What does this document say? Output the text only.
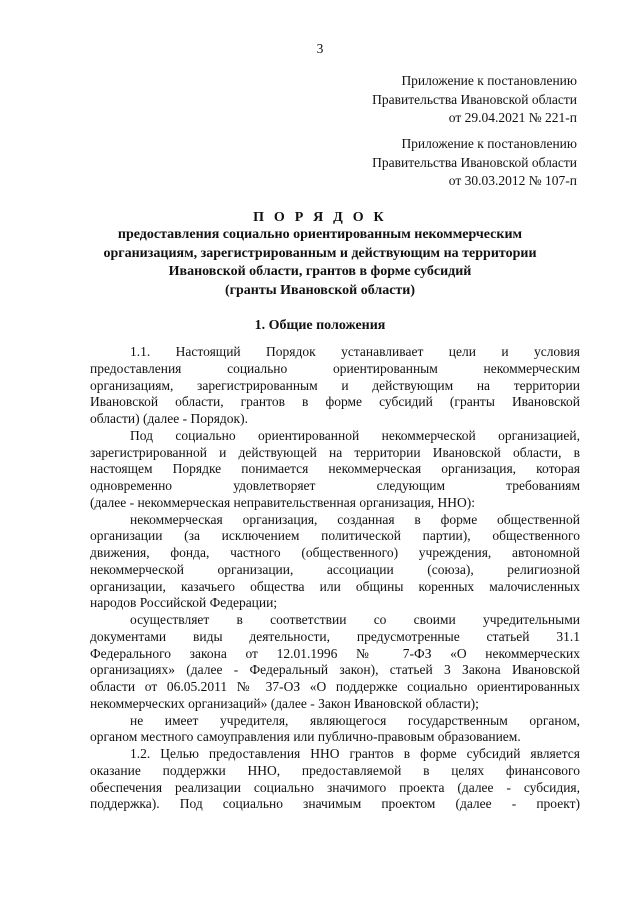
3
Приложение к постановлению
Правительства Ивановской области
от 29.04.2021 № 221-п
Приложение к постановлению
Правительства Ивановской области
от 30.03.2012 № 107-п
П О Р Я Д О К
предоставления социально ориентированным некоммерческим
организациям, зарегистрированным и действующим на территории
Ивановской области, грантов в форме субсидий
(гранты Ивановской области)
1. Общие положения
1.1. Настоящий Порядок устанавливает цели и условия
предоставления социально ориентированным некоммерческим
организациям, зарегистрированным и действующим на территории
Ивановской области, грантов в форме субсидий (гранты Ивановской
области) (далее - Порядок).
Под социально ориентированной некоммерческой организацией,
зарегистрированной и действующей на территории Ивановской области, в
настоящем Порядке понимается некоммерческая организация, которая
одновременно удовлетворяет следующим требованиям
(далее - некоммерческая неправительственная организация, ННО):
некоммерческая организация, созданная в форме общественной
организации (за исключением политической партии), общественного
движения, фонда, частного (общественного) учреждения, автономной
некоммерческой организации, ассоциации (союза), религиозной
организации, казачьего общества или общины коренных малочисленных
народов Российской Федерации;
осуществляет в соответствии со своими учредительными
документами виды деятельности, предусмотренные статьей 31.1
Федерального закона от 12.01.1996 № 7-ФЗ «О некоммерческих
организациях» (далее - Федеральный закон), статьей 3 Закона Ивановской
области от 06.05.2011 № 37-ОЗ «О поддержке социально ориентированных
некоммерческих организаций» (далее - Закон Ивановской области);
не имеет учредителя, являющегося государственным органом,
органом местного самоуправления или публично-правовым образованием.
1.2. Целью предоставления ННО грантов в форме субсидий является
оказание поддержки ННО, предоставляемой в целях финансового
обеспечения реализации социально значимого проекта (далее - субсидия,
поддержка). Под социально значимым проектом (далее - проект)
